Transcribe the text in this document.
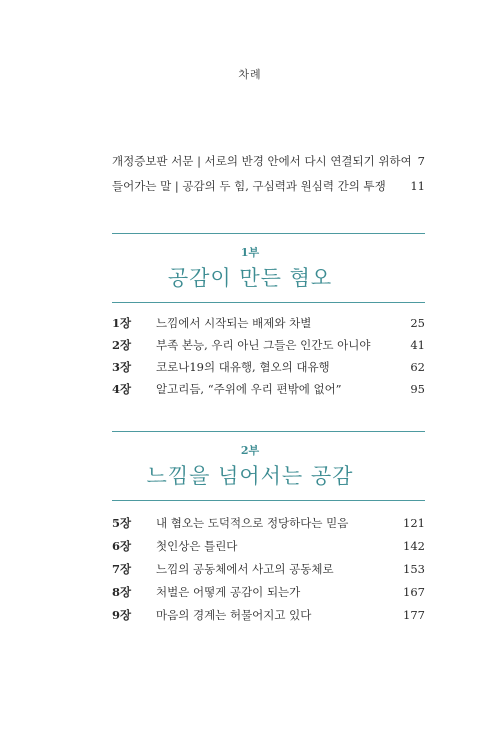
차례
개정증보판 서문 | 서로의 반경 안에서 다시 연결되기 위하여 7
들어가는 말 | 공감의 두 힘, 구심력과 원심력 간의 투쟁 11
1부
공감이 만든 혐오
1장	느낌에서 시작되는 배제와 차별	25
2장	부족 본능, 우리 아닌 그들은 인간도 아니야	41
3장	코로나19의 대유행, 혐오의 대유행	62
4장	알고리듬, “주위에 우리 편밖에 없어”	95
2부
느낌을 넘어서는 공감
5장	내 혐오는 도덕적으로 정당하다는 믿음	121
6장	첫인상은 틀린다	142
7장	느낌의 공동체에서 사고의 공동체로	153
8장	처벌은 어떻게 공감이 되는가	167
9장	마음의 경계는 허물어지고 있다	177
